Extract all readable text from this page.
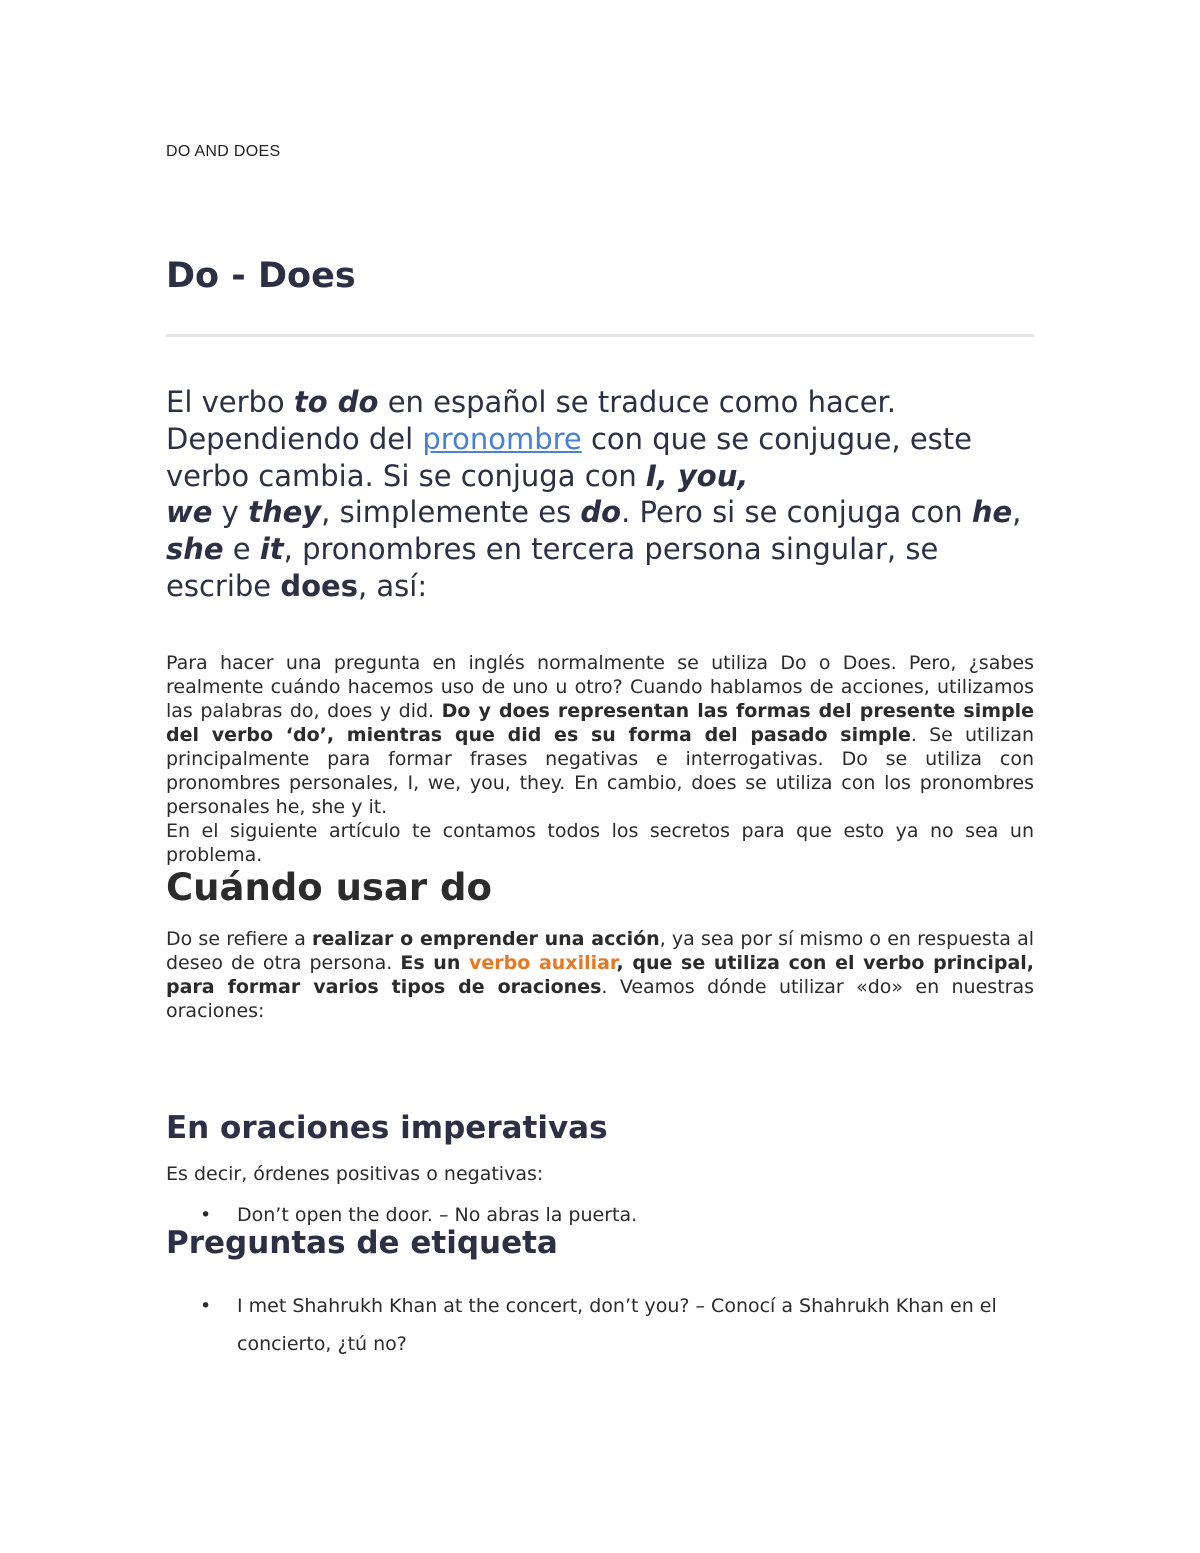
DO AND DOES
Do - Does

El verbo to do en español se traduce como hacer. Dependiendo del pronombre con que se conjugue, este verbo cambia. Si se conjuga con I, you,
we y they, simplemente es do. Pero si se conjuga con he, she e it, pronombres en tercera persona singular, se escribe does, así:

Para hacer una pregunta en inglés normalmente se utiliza Do o Does. Pero, ¿sabes realmente cuándo hacemos uso de uno u otro? Cuando hablamos de acciones, utilizamos las palabras do, does y did. Do y does representan las formas del presente simple del verbo ‘do’, mientras que did es su forma del pasado simple. Se utilizan principalmente para formar frases negativas e interrogativas. Do se utiliza con pronombres personales, I, we, you, they. En cambio, does se utiliza con los pronombres personales he, she y it.
En el siguiente artículo te contamos todos los secretos para que esto ya no sea un problema.

Cuándo usar do

Do se refiere a realizar o emprender una acción, ya sea por sí mismo o en respuesta al deseo de otra persona. Es un verbo auxiliar, que se utiliza con el verbo principal, para formar varios tipos de oraciones. Veamos dónde utilizar «do» en nuestras oraciones:

En oraciones imperativas

Es decir, órdenes positivas o negativas:

• Don’t open the door. – No abras la puerta.
Preguntas de etiqueta
• I met Shahrukh Khan at the concert, don’t you? – Conocí a Shahrukh Khan en el concierto, ¿tú no?
